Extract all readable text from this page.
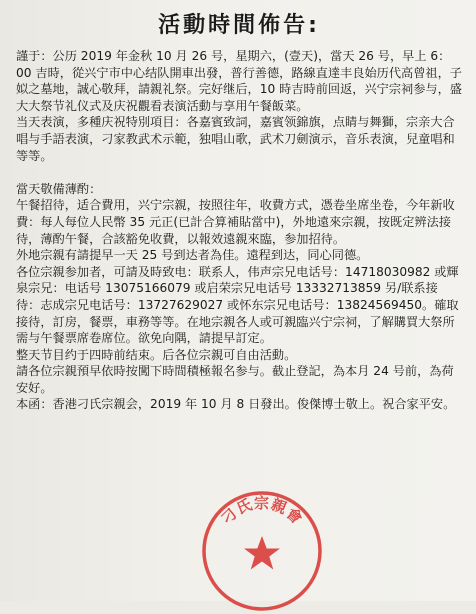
活動時間佈告:

謹于：公历 2019 年金秋 10 月 26 号，星期六，(壹天)，當天 26 号，早上 6：00 吉時，從兴宁市中心结队開車出發，普行善德，路線直達丰良始历代高曾祖，子姒之墓地，誠心敬拜，請親礼祭。完好继后，10 時吉時前回返，兴宁宗祠参与，盛大大祭节礼仪式及庆祝觀看表演活動与享用午餐飯菜。

当天表演，多種庆祝特別項目：各嘉賓致詞，嘉賓领錦旗，点睛与舞獅，宗亲大合唱与手語表演，刁家教武术示範，独唱山歌，武术刀劍演示，音乐表演，兒童唱和等等。

當天敬備薄酌：

午餐招待，适合費用，兴宁宗親，按照往年，收費方式，憑卷坐席坐卷，今年新收費：每人每位人民幣 35 元正(已計合算補貼當中)，外地遠來宗親，按既定辨法接待，薄酌午餐，合該豁免收費，以報效遠親來臨，参加招待。

外地宗親有請提早一天 25 号到达者為佳。遠程到达，同心同德。

各位宗親参加者，可請及時致电：联系人，伟声宗兄电话号：14718030982 或輝泉宗兄：电话号 13075166079 或启荣宗兄电话号 13332713859 另/联系接待：志成宗兄电话号：13727629027 或怀东宗兄电话号：13824569450。確取接待，訂房，餐票，車務等等。在地宗親各人或可親臨兴宁宗祠，了解購買大祭所需与午餐票席卷席位。欲免向隅，請提早訂定。

整天节目约于四時前结束。后各位宗親可自由活動。

請各位宗親預早依時按闖下時間積極報名参与。截止登記，為本月 24 号前，為荷安好。

本函：香港刁氏宗親会，2019 年 10 月 8 日發出。俊傑博士敬上。祝合家平安。

刁氏宗親會
